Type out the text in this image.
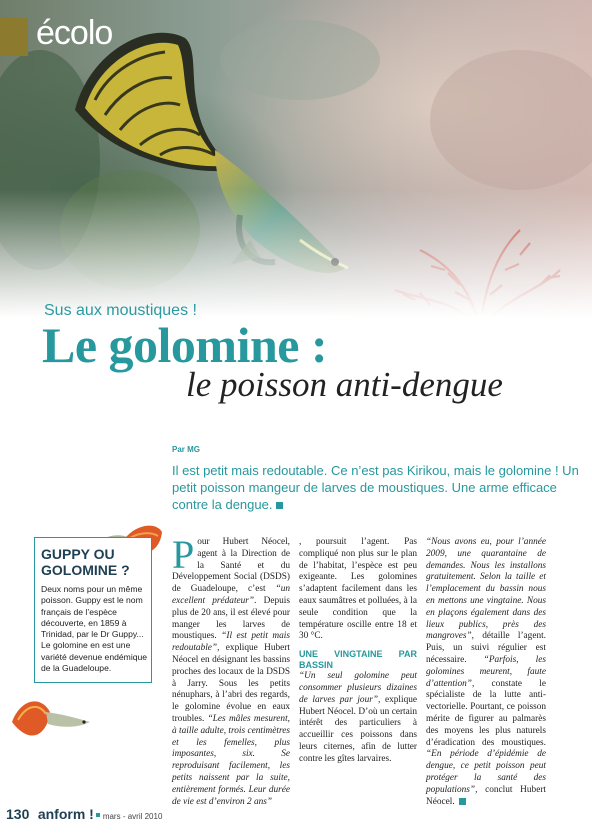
écolo
Sus aux moustiques !
Le golomine :
le poisson anti-dengue
Par MG
Il est petit mais redoutable. Ce n’est pas Kirikou, mais le golomine ! Un petit poisson mangeur de larves de moustiques. Une arme efficace contre la dengue.
GUPPY OU GOLOMINE ?
Deux noms pour un même poisson. Guppy est le nom français de l’espèce découverte, en 1859 à Trinidad, par le Dr Guppy... Le golomine en est une variété devenue endémique de la Guadeloupe.

Pour Hubert Néocel, agent à la Direction de la Santé et du Développement Social (DSDS) de Guadeloupe, c’est “un excellent prédateur”. Depuis plus de 20 ans, il est élevé pour manger les larves de moustiques. “Il est petit mais redoutable”, explique Hubert Néocel en désignant les bassins proches des locaux de la DSDS à Jarry. Sous les petits nénuphars, à l’abri des regards, le golomine évolue en eaux troubles. “Les mâles mesurent, à taille adulte, trois centimètres et les femelles, plus imposantes, six. Se reproduisant facilement, les petits naissent par la suite, entièrement formés. Leur durée de vie est d’environ 2 ans”

, poursuit l’agent. Pas compliqué non plus sur le plan de l’habitat, l’espèce est peu exigeante. Les golomines s’adaptent facilement dans les eaux saumâtres et polluées, à la seule condition que la température oscille entre 18 et 30 °C.

UNE VINGTAINE PAR BASSIN

“Un seul golomine peut consommer plusieurs dizaines de larves par jour”, explique Hubert Néocel. D’où un certain intérêt des particuliers à accueillir ces poissons dans leurs citernes, afin de lutter contre les gîtes larvaires.

“Nous avons eu, pour l’année 2009, une quarantaine de demandes. Nous les installons gratuitement. Selon la taille et l’emplacement du bassin nous en mettons une vingtaine. Nous en plaçons également dans des lieux publics, près des mangroves”, détaille l’agent. Puis, un suivi régulier est nécessaire. “Parfois, les golomines meurent, faute d’attention”, constate le spécialiste de la lutte anti-vectorielle. Pourtant, ce poisson mérite de figurer au palmarès des moyens les plus naturels d’éradication des moustiques. “En période d’épidémie de dengue, ce petit poisson peut protéger la santé des populations”, conclut Hubert Néocel.

130 anform ! mars - avril 2010
